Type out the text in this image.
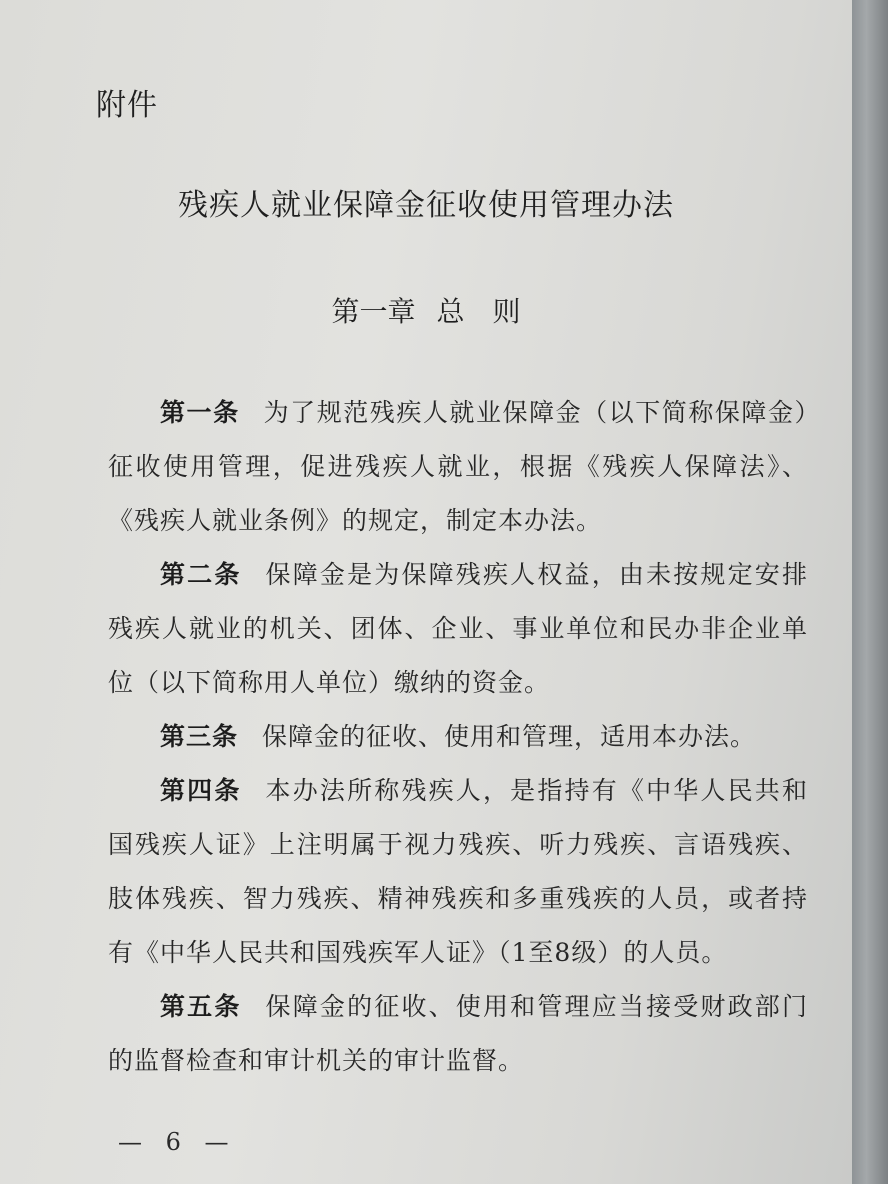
附件
残疾人就业保障金征收使用管理办法
第一章 总　则

第一条 为了规范残疾人就业保障金（以下简称保障金）征收使用管理，促进残疾人就业，根据《残疾人保障法》、《残疾人就业条例》的规定，制定本办法。

第二条 保障金是为保障残疾人权益，由未按规定安排残疾人就业的机关、团体、企业、事业单位和民办非企业单位（以下简称用人单位）缴纳的资金。

第三条 保障金的征收、使用和管理，适用本办法。

第四条 本办法所称残疾人，是指持有《中华人民共和国残疾人证》上注明属于视力残疾、听力残疾、言语残疾、肢体残疾、智力残疾、精神残疾和多重残疾的人员，或者持有《中华人民共和国残疾军人证》（1至8级）的人员。

第五条 保障金的征收、使用和管理应当接受财政部门的监督检查和审计机关的审计监督。

— 6 —
